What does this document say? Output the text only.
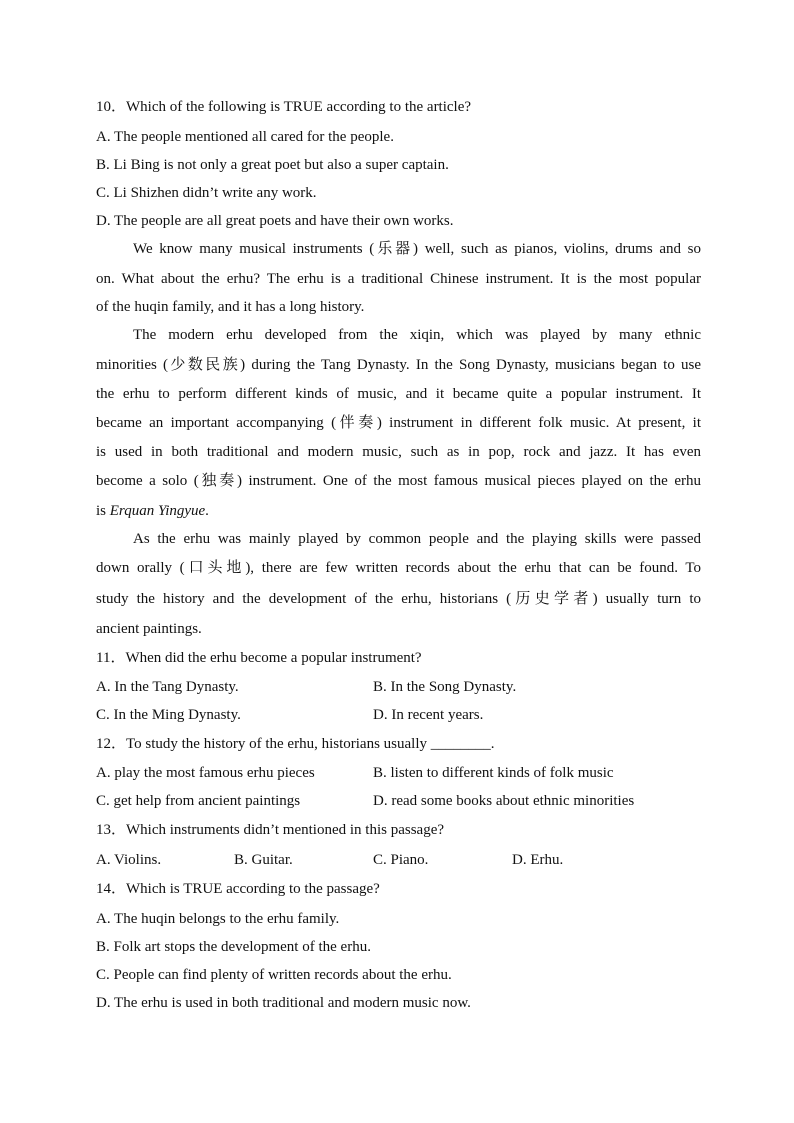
10．Which of the following is TRUE according to the article?
A. The people mentioned all cared for the people.
B. Li Bing is not only a great poet but also a super captain.
C. Li Shizhen didn’t write any work.
D. The people are all great poets and have their own works.
We know many musical instruments (乐器) well, such as pianos, violins, drums and so
on. What about the erhu? The erhu is a traditional Chinese instrument. It is the most popular
of the huqin family, and it has a long history.
The modern erhu developed from the xiqin, which was played by many ethnic
minorities (少数民族) during the Tang Dynasty. In the Song Dynasty, musicians began to use
the erhu to perform different kinds of music, and it became quite a popular instrument. It
became an important accompanying (伴奏) instrument in different folk music. At present, it
is used in both traditional and modern music, such as in pop, rock and jazz. It has even
become a solo (独奏) instrument. One of the most famous musical pieces played on the erhu
is Erquan Yingyue.
As the erhu was mainly played by common people and the playing skills were passed
down orally (口头地), there are few written records about the erhu that can be found. To
study the history and the development of the erhu, historians (历史学者) usually turn to
ancient paintings.
11．When did the erhu become a popular instrument?
A. In the Tang Dynasty.	B. In the Song Dynasty.
C. In the Ming Dynasty.	D. In recent years.
12．To study the history of the erhu, historians usually ________.
A. play the most famous erhu pieces	B. listen to different kinds of folk music
C. get help from ancient paintings	D. read some books about ethnic minorities
13．Which instruments didn’t mentioned in this passage?
A. Violins.	B. Guitar.	C. Piano.	D. Erhu.
14．Which is TRUE according to the passage?
A. The huqin belongs to the erhu family.
B. Folk art stops the development of the erhu.
C. People can find plenty of written records about the erhu.
D. The erhu is used in both traditional and modern music now.
